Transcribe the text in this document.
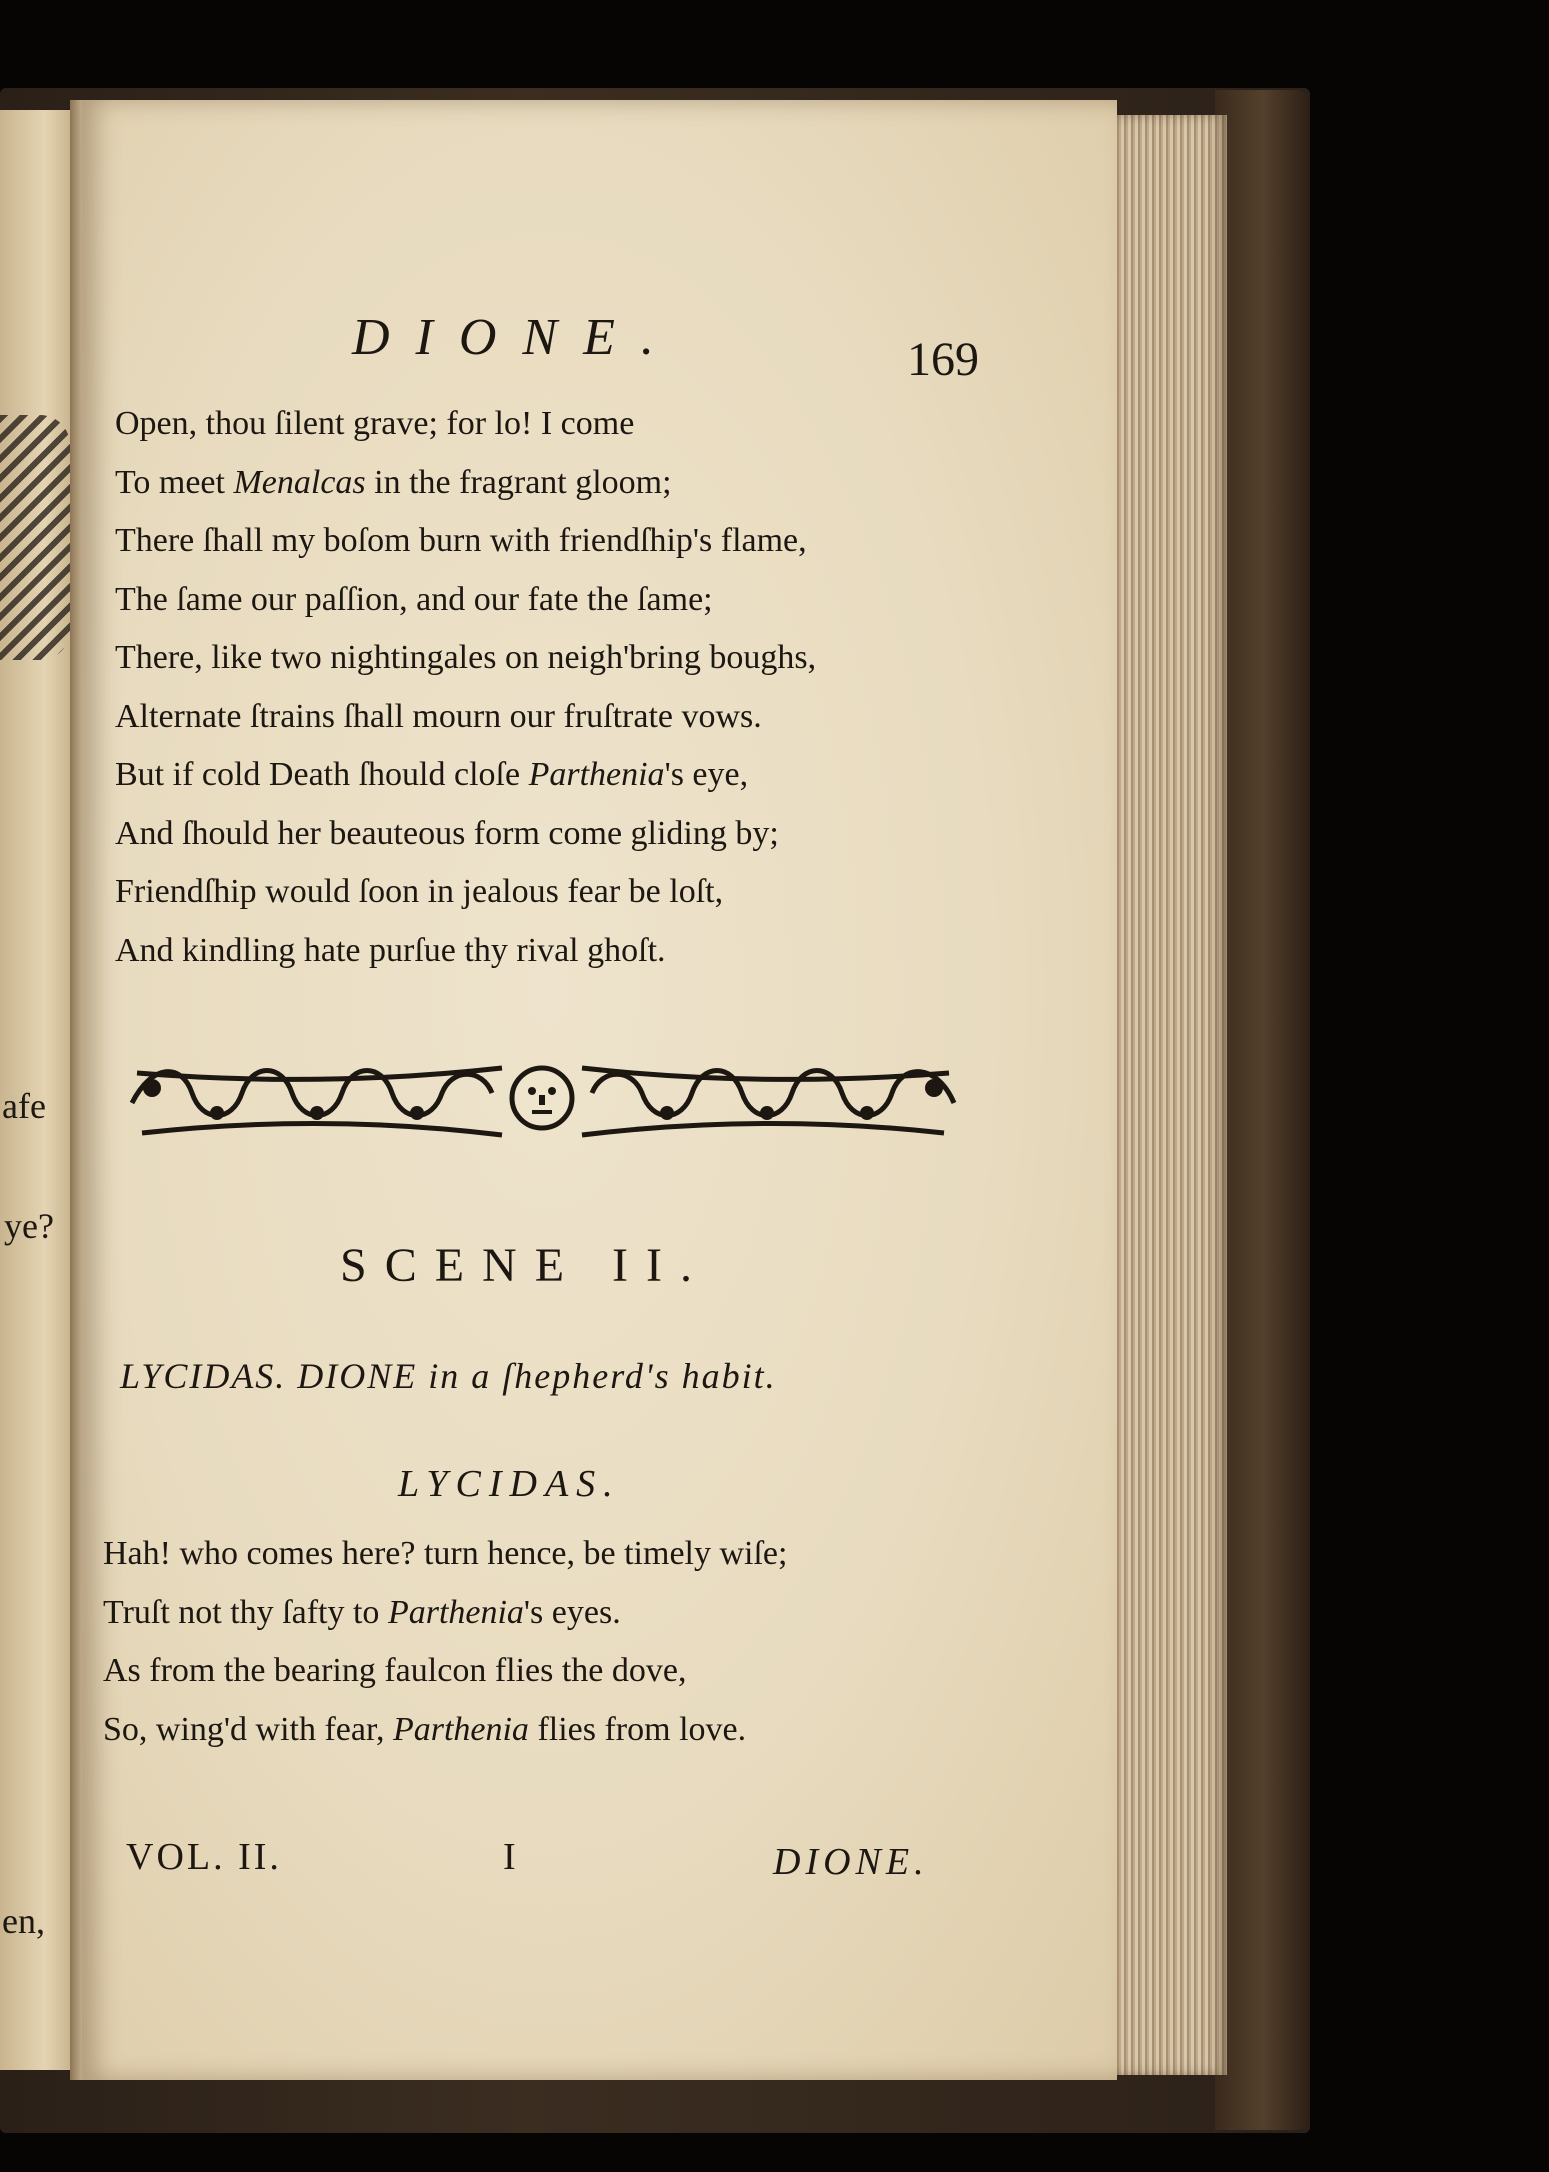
afe
ye?
en,
DIONE.	169
Open, thou ſilent grave; for lo! I come
To meet Menalcas in the fragrant gloom;
There ſhall my boſom burn with friendſhip's flame,
The ſame our paſſion, and our fate the ſame;
There, like two nightingales on neigh'bring boughs,
Alternate ſtrains ſhall mourn our fruſtrate vows.
But if cold Death ſhould cloſe Parthenia's eye,
And ſhould her beauteous form come gliding by;
Friendſhip would ſoon in jealous fear be loſt,
And kindling hate purſue thy rival ghoſt.
SCENE II.
LYCIDAS. DIONE in a ſhepherd's habit.
LYCIDAS.
Hah! who comes here? turn hence, be timely wiſe;
Truſt not thy ſafty to Parthenia's eyes.
As from the bearing faulcon flies the dove,
So, wing'd with fear, Parthenia flies from love.
VOL. II.	I	DIONE.
